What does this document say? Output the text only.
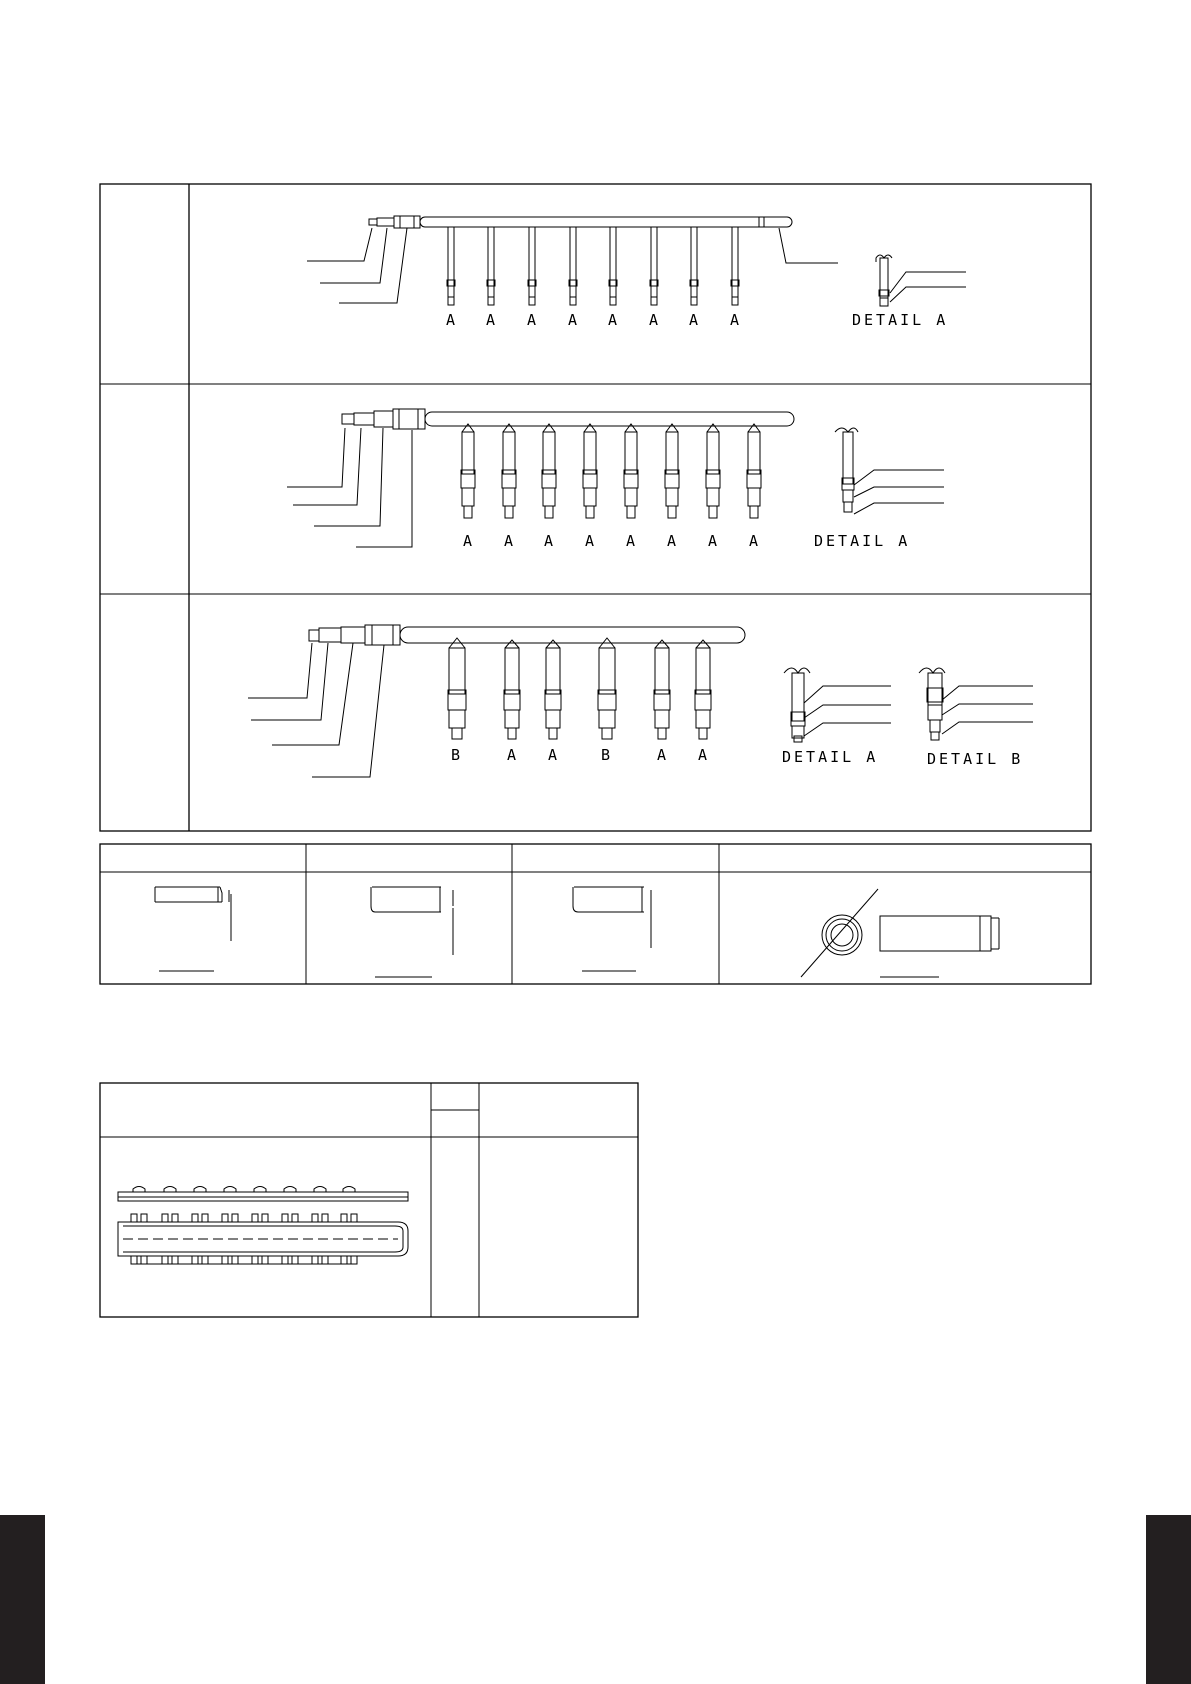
A A A A A A A A	DETAIL A
A A A A A A A A	DETAIL A
B	A A	B	A A	DETAIL A	DETAIL B
